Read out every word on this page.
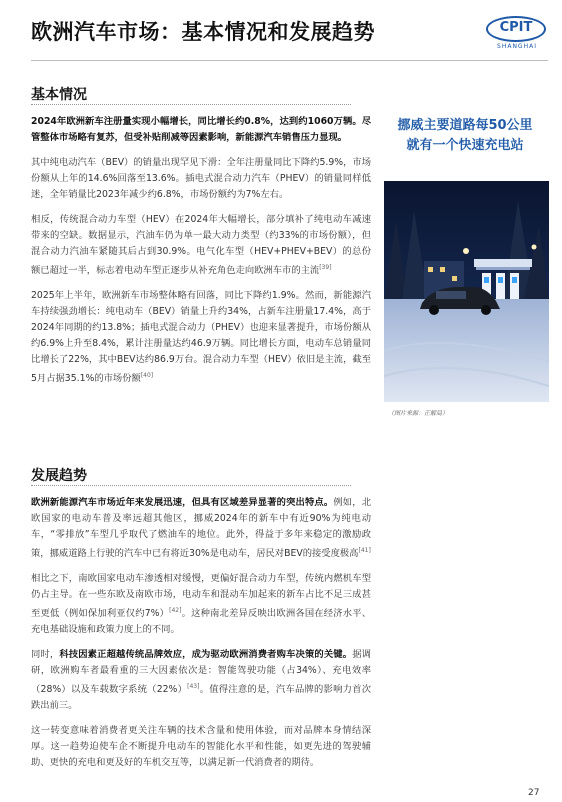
欧洲汽车市场：基本情况和发展趋势	CPIT
SHANGHAI
基本情况

2024年欧洲新车注册量实现小幅增长，同比增长约0.8%，达到约1060万辆。尽管整体市场略有复苏，但受补贴削减等因素影响，新能源汽车销售压力显现。

其中纯电动汽车（BEV）的销量出现罕见下滑：全年注册量同比下降约5.9%，市场份额从上年的14.6%回落至13.6%。插电式混合动力汽车（PHEV）的销量同样低迷，全年销量比2023年减少约6.8%，市场份额约为7%左右。

相反，传统混合动力车型（HEV）在2024年大幅增长，部分填补了纯电动车减速带来的空缺。数据显示，汽油车仍为单一最大动力类型（约33%的市场份额），但混合动力汽油车紧随其后占到30.9%。电气化车型（HEV+PHEV+BEV）的总份额已超过一半，标志着电动车型正逐步从补充角色走向欧洲车市的主流[39]

2025年上半年，欧洲新车市场整体略有回落，同比下降约1.9%。然而，新能源汽车持续强劲增长：纯电动车（BEV）销量上升约34%，占新车注册量17.4%，高于2024年同期的约13.8%；插电式混合动力（PHEV）也迎来显著提升，市场份额从约6.9%上升至8.4%，累计注册量达约46.9万辆。同比增长方面，电动车总销量同比增长了22%，其中BEV达约86.9万台。混合动力车型（HEV）依旧是主流，截至5月占据35.1%的市场份额[40]

发展趋势

欧洲新能源汽车市场近年来发展迅速，但具有区域差异显著的突出特点。例如，北欧国家的电动车普及率远超其他区，挪威2024年的新车中有近90%为纯电动车，“零排放”车型几乎取代了燃油车的地位。此外，得益于多年来稳定的激励政策，挪威道路上行驶的汽车中已有将近30%是电动车，居民对BEV的接受度极高[41]

相比之下，南欧国家电动车渗透相对缓慢，更偏好混合动力车型，传统内燃机车型仍占主导。在一些东欧及南欧市场，电动车和混动车加起来的新车占比不足三成甚至更低（例如保加利亚仅约7%）[42]。这种南北差异反映出欧洲各国在经济水平、充电基础设施和政策力度上的不同。

同时，科技因素正超越传统品牌效应，成为驱动欧洲消费者购车决策的关键。据调研，欧洲购车者最看重的三大因素依次是：智能驾驶功能（占34%）、充电效率（28%）以及车载数字系统（22%）[43]。值得注意的是，汽车品牌的影响力首次跌出前三。

这一转变意味着消费者更关注车辆的技术含量和使用体验，而对品牌本身情结深厚。这一趋势迫使车企不断提升电动车的智能化水平和性能，如更先进的驾驶辅助、更快的充电和更及好的车机交互等，以满足新一代消费者的期待。

挪威主要道路每50公里
就有一个快速充电站
（图片来源：正解局）
27
